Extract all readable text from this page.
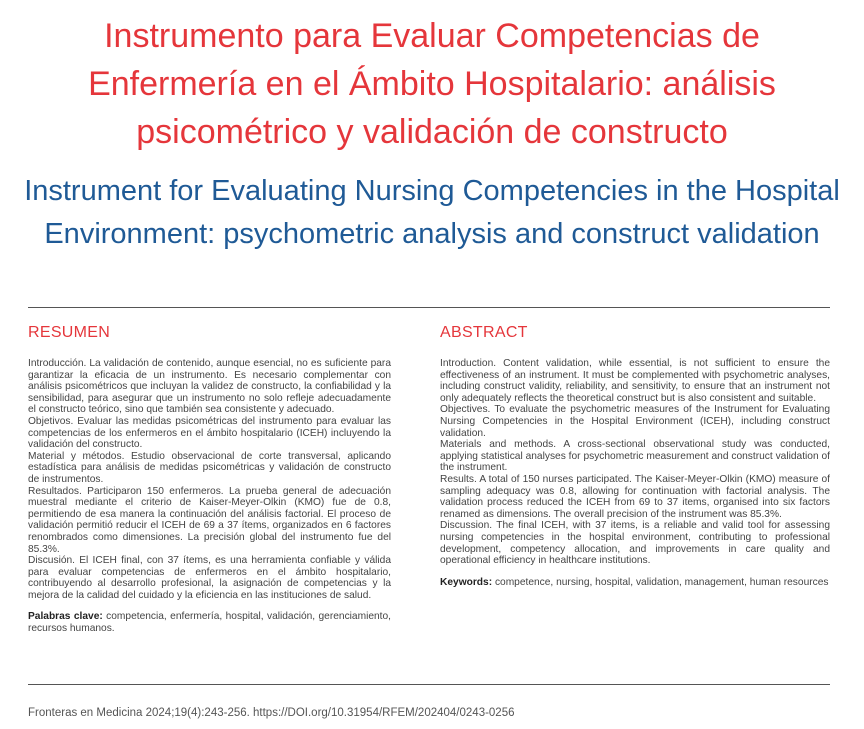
Instrumento para Evaluar Competencias de Enfermería en el Ámbito Hospitalario: análisis psicométrico y validación de constructo
Instrument for Evaluating Nursing Competencies in the Hospital Environment: psychometric analysis and construct validation
RESUMEN

Introducción. La validación de contenido, aunque esencial, no es suficiente para garantizar la eficacia de un instrumento. Es necesario complementar con análisis psicométricos que incluyan la validez de constructo, la confiabilidad y la sensibilidad, para asegurar que un instrumento no solo refleje adecuadamente el constructo teórico, sino que también sea consistente y adecuado.

Objetivos. Evaluar las medidas psicométricas del instrumento para evaluar las competencias de los enfermeros en el ámbito hospitalario (ICEH) incluyendo la validación del constructo.

Material y métodos. Estudio observacional de corte transversal, aplicando estadística para análisis de medidas psicométricas y validación de constructo de instrumentos.

Resultados. Participaron 150 enfermeros. La prueba general de adecuación muestral mediante el criterio de Kaiser-Meyer-Olkin (KMO) fue de 0.8, permitiendo de esa manera la continuación del análisis factorial. El proceso de validación permitió reducir el ICEH de 69 a 37 ítems, organizados en 6 factores renombrados como dimensiones. La precisión global del instrumento fue del 85.3%.

Discusión. El ICEH final, con 37 ítems, es una herramienta confiable y válida para evaluar competencias de enfermeros en el ámbito hospitalario, contribuyendo al desarrollo profesional, la asignación de competencias y la mejora de la calidad del cuidado y la eficiencia en las instituciones de salud.

Palabras clave: competencia, enfermería, hospital, validación, gerenciamiento, recursos humanos.

ABSTRACT

Introduction. Content validation, while essential, is not sufficient to ensure the effectiveness of an instrument. It must be complemented with psychometric analyses, including construct validity, reliability, and sensitivity, to ensure that an instrument not only adequately reflects the theoretical construct but is also consistent and suitable.

Objectives. To evaluate the psychometric measures of the Instrument for Evaluating Nursing Competencies in the Hospital Environment (ICEH), including construct validation.

Materials and methods. A cross-sectional observational study was conducted, applying statistical analyses for psychometric measurement and construct validation of the instrument.

Results. A total of 150 nurses participated. The Kaiser-Meyer-Olkin (KMO) measure of sampling adequacy was 0.8, allowing for continuation with factorial analysis. The validation process reduced the ICEH from 69 to 37 items, organised into six factors renamed as dimensions. The overall precision of the instrument was 85.3%.

Discussion. The final ICEH, with 37 items, is a reliable and valid tool for assessing nursing competencies in the hospital environment, contributing to professional development, competency allocation, and improvements in care quality and operational efficiency in healthcare institutions.

Keywords: competence, nursing, hospital, validation, management, human resources

Fronteras en Medicina 2024;19(4):243-256. https://DOI.org/10.31954/RFEM/202404/0243-0256
